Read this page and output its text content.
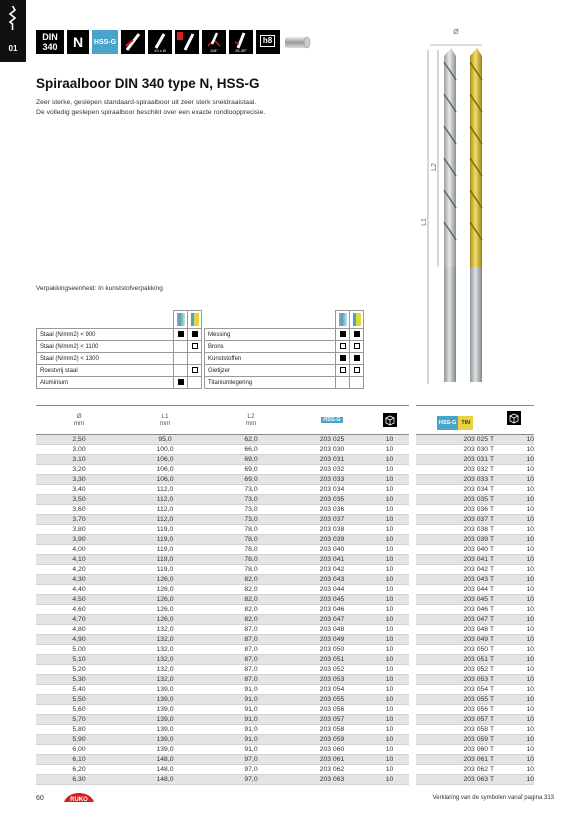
01
DIN
340 N HSS-G
10 x Ø	118°	25-35°
h8
Spiraalboor DIN 340 type N, HSS-G
Zeer sterke, geslepen standaard-spiraalboor uit zeer sterk sneldraaistaal.
De volledig geslepen spiraalboor beschikt over een exacte rondloopprecisie.
Ø
L2
L1
Verpakkingseenheid: In kunststofverpakking

Staal (N/mm2) < 900		
Staal (N/mm2) < 1100		
Staal (N/mm2) < 1300		
Roestvrij staal		
Aluminium		

Messing		
Brons		
Kunststoffen		
Gietijzer		
Titaniumlegering		
Ø
mm
L1
mm
L2
mm	HSS-G
2,50	95,0	62,0	203 025	10
3,00	100,0	66,0	203 030	10
3,10	106,0	69,0	203 031	10
3,20	106,0	69,0	203 032	10
3,30	106,0	69,0	203 033	10
3,40	112,0	73,0	203 034	10
3,50	112,0	73,0	203 035	10
3,60	112,0	73,0	203 036	10
3,70	112,0	73,0	203 037	10
3,80	119,0	78,0	203 038	10
3,90	119,0	78,0	203 039	10
4,00	119,0	78,0	203 040	10
4,10	119,0	78,0	203 041	10
4,20	119,0	78,0	203 042	10
4,30	126,0	82,0	203 043	10
4,40	126,0	82,0	203 044	10
4,50	126,0	82,0	203 045	10
4,60	126,0	82,0	203 046	10
4,70	126,0	82,0	203 047	10
4,80	132,0	87,0	203 048	10
4,90	132,0	87,0	203 049	10
5,00	132,0	87,0	203 050	10
5,10	132,0	87,0	203 051	10
5,20	132,0	87,0	203 052	10
5,30	132,0	87,0	203 053	10
5,40	139,0	91,0	203 054	10
5,50	139,0	91,0	203 055	10
5,60	139,0	91,0	203 056	10
5,70	139,0	91,0	203 057	10
5,80	139,0	91,0	203 058	10
5,90	139,0	91,0	203 059	10
6,00	139,0	91,0	203 060	10
6,10	148,0	97,0	203 061	10
6,20	148,0	97,0	203 062	10
6,30	148,0	97,0	203 063	10
HSS-G TiN
203 025 T	10
203 030 T	10
203 031 T	10
203 032 T	10
203 033 T	10
203 034 T	10
203 035 T	10
203 036 T	10
203 037 T	10
203 038 T	10
203 039 T	10
203 040 T	10
203 041 T	10
203 042 T	10
203 043 T	10
203 044 T	10
203 045 T	10
203 046 T	10
203 047 T	10
203 048 T	10
203 049 T	10
203 050 T	10
203 051 T	10
203 052 T	10
203 053 T	10
203 054 T	10
203 055 T	10
203 056 T	10
203 057 T	10
203 058 T	10
203 059 T	10
203 060 T	10
203 061 T	10
203 062 T	10
203 063 T	10
60	RUKO	Verklaring van de symbolen vanaf pagina 313
